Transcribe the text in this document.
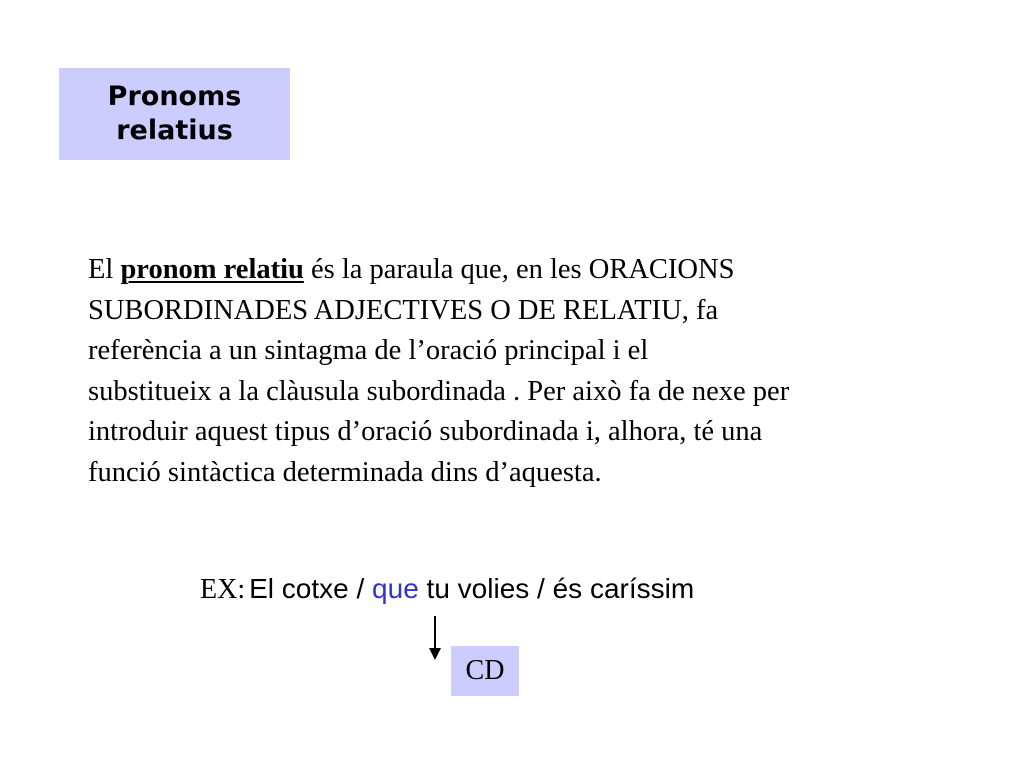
Pronoms
relatius
El pronom relatiu és la paraula que, en les ORACIONS
SUBORDINADES ADJECTIVES O DE RELATIU, fa
referència a un sintagma de l’oració principal i el
substitueix a la clàusula subordinada . Per això fa de nexe per
introduir aquest tipus d’oració subordinada i, alhora, té una
funció sintàctica determinada dins d’aquesta.
EX: El cotxe / que tu volies / és caríssim
CD
